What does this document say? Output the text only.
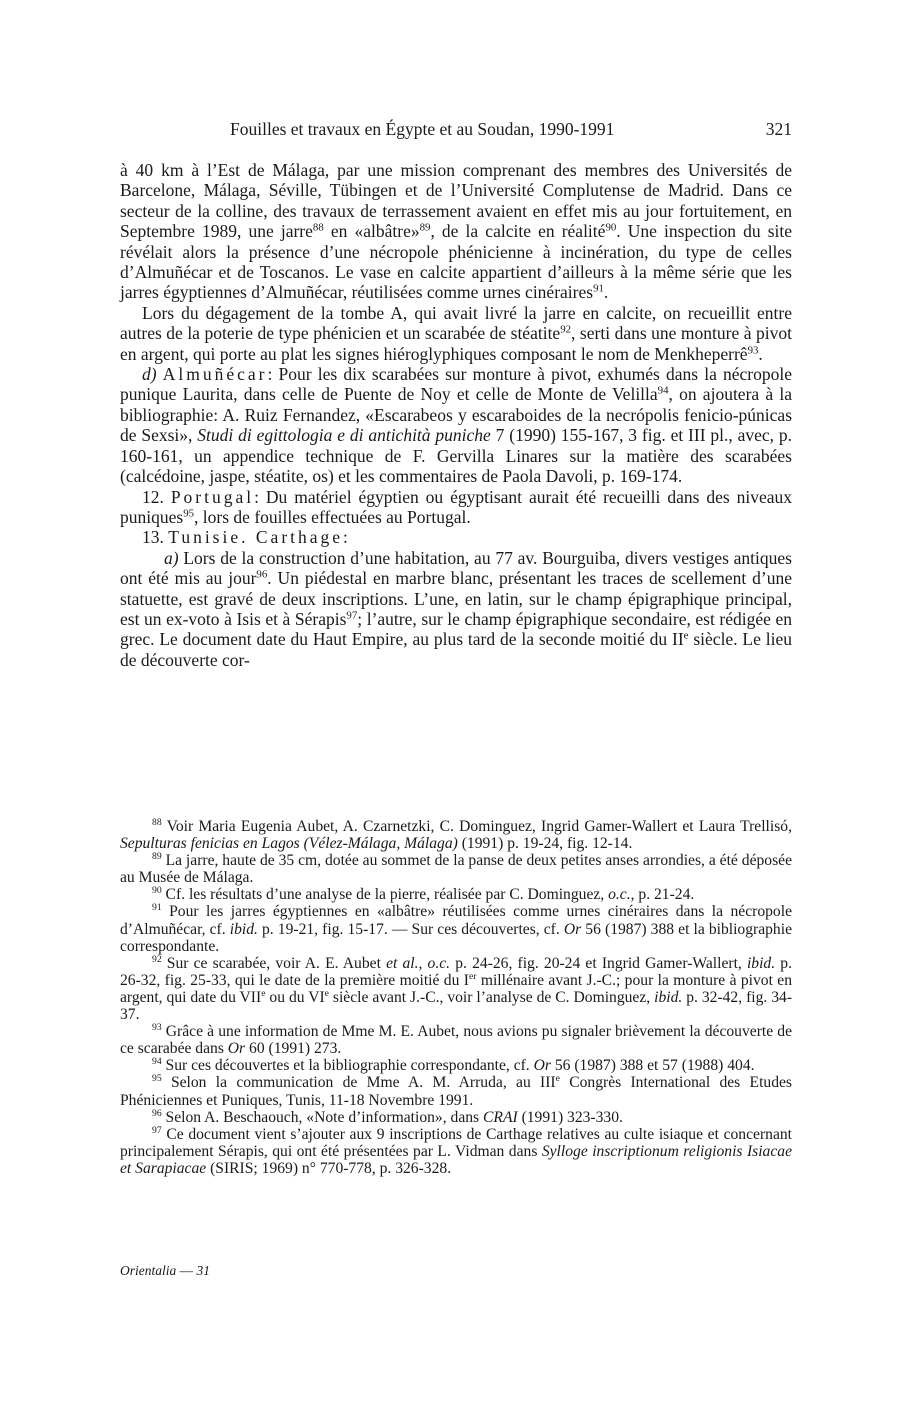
Fouilles et travaux en Égypte et au Soudan, 1990-1991	321

à 40 km à l’Est de Málaga, par une mission comprenant des membres des Universités de Barcelone, Málaga, Séville, Tübingen et de l’Université Complutense de Madrid. Dans ce secteur de la colline, des travaux de terrassement avaient en effet mis au jour fortuitement, en Septembre 1989, une jarre$^{88}$ en «albâtre»$^{89}$, de la calcite en réalité$^{90}$. Une inspection du site révélait alors la présence d’une nécropole phénicienne à incinération, du type de celles d’Almuñécar et de Toscanos. Le vase en calcite appartient d’ailleurs à la même série que les jarres égyptiennes d’Almuñécar, réutilisées comme urnes cinéraires$^{91}$.

Lors du dégagement de la tombe A, qui avait livré la jarre en calcite, on recueillit entre autres de la poterie de type phénicien et un scarabée de stéatite$^{92}$, serti dans une monture à pivot en argent, qui porte au plat les signes hiéroglyphiques composant le nom de Menkheperrê$^{93}$.

d) Almuñécar: Pour les dix scarabées sur monture à pivot, exhumés dans la nécropole punique Laurita, dans celle de Puente de Noy et celle de Monte de Velilla$^{94}$, on ajoutera à la bibliographie: A. Ruiz Fernandez, «Escarabeos y escaraboides de la necrópolis fenicio-púnicas de Sexsi», Studi di egittologia e di antichità puniche 7 (1990) 155-167, 3 fig. et III pl., avec, p. 160-161, un appendice technique de F. Gervilla Linares sur la matière des scarabées (calcédoine, jaspe, stéatite, os) et les commentaires de Paola Davoli, p. 169-174.

12. Portugal: Du matériel égyptien ou égyptisant aurait été recueilli dans des niveaux puniques$^{95}$, lors de fouilles effectuées au Portugal.

13. Tunisie. Carthage:

a) Lors de la construction d’une habitation, au 77 av. Bourguiba, divers vestiges antiques ont été mis au jour$^{96}$. Un piédestal en marbre blanc, présentant les traces de scellement d’une statuette, est gravé de deux inscriptions. L’une, en latin, sur le champ épigraphique principal, est un ex-voto à Isis et à Sérapis$^{97}$; l’autre, sur le champ épigraphique secondaire, est rédigée en grec. Le document date du Haut Empire, au plus tard de la seconde moitié du IIe siècle. Le lieu de découverte cor-

$^{88}$ Voir Maria Eugenia Aubet, A. Czarnetzki, C. Dominguez, Ingrid Gamer-Wallert et Laura Trellisó, Sepulturas fenicias en Lagos (Vélez-Málaga, Málaga) (1991) p. 19-24, fig. 12-14.

$^{89}$ La jarre, haute de 35 cm, dotée au sommet de la panse de deux petites anses arrondies, a été déposée au Musée de Málaga.

$^{90}$ Cf. les résultats d’une analyse de la pierre, réalisée par C. Dominguez, o.c., p. 21-24.

$^{91}$ Pour les jarres égyptiennes en «albâtre» réutilisées comme urnes cinéraires dans la nécropole d’Almuñécar, cf. ibid. p. 19-21, fig. 15-17. — Sur ces découvertes, cf. Or 56 (1987) 388 et la bibliographie correspondante.

$^{92}$ Sur ce scarabée, voir A. E. Aubet et al., o.c. p. 24-26, fig. 20-24 et Ingrid Gamer-Wallert, ibid. p. 26-32, fig. 25-33, qui le date de la première moitié du Ier millénaire avant J.-C.; pour la monture à pivot en argent, qui date du VIIe ou du VIe siècle avant J.-C., voir l’analyse de C. Dominguez, ibid. p. 32-42, fig. 34-37.

$^{93}$ Grâce à une information de Mme M. E. Aubet, nous avions pu signaler brièvement la découverte de ce scarabée dans Or 60 (1991) 273.

$^{94}$ Sur ces découvertes et la bibliographie correspondante, cf. Or 56 (1987) 388 et 57 (1988) 404.

$^{95}$ Selon la communication de Mme A. M. Arruda, au IIIe Congrès International des Etudes Phéniciennes et Puniques, Tunis, 11-18 Novembre 1991.

$^{96}$ Selon A. Beschaouch, «Note d’information», dans CRAI (1991) 323-330.

$^{97}$ Ce document vient s’ajouter aux 9 inscriptions de Carthage relatives au culte isiaque et concernant principalement Sérapis, qui ont été présentées par L. Vidman dans Sylloge inscriptionum religionis Isiacae et Sarapiacae (SIRIS; 1969) n° 770-778, p. 326-328.

Orientalia — 31
